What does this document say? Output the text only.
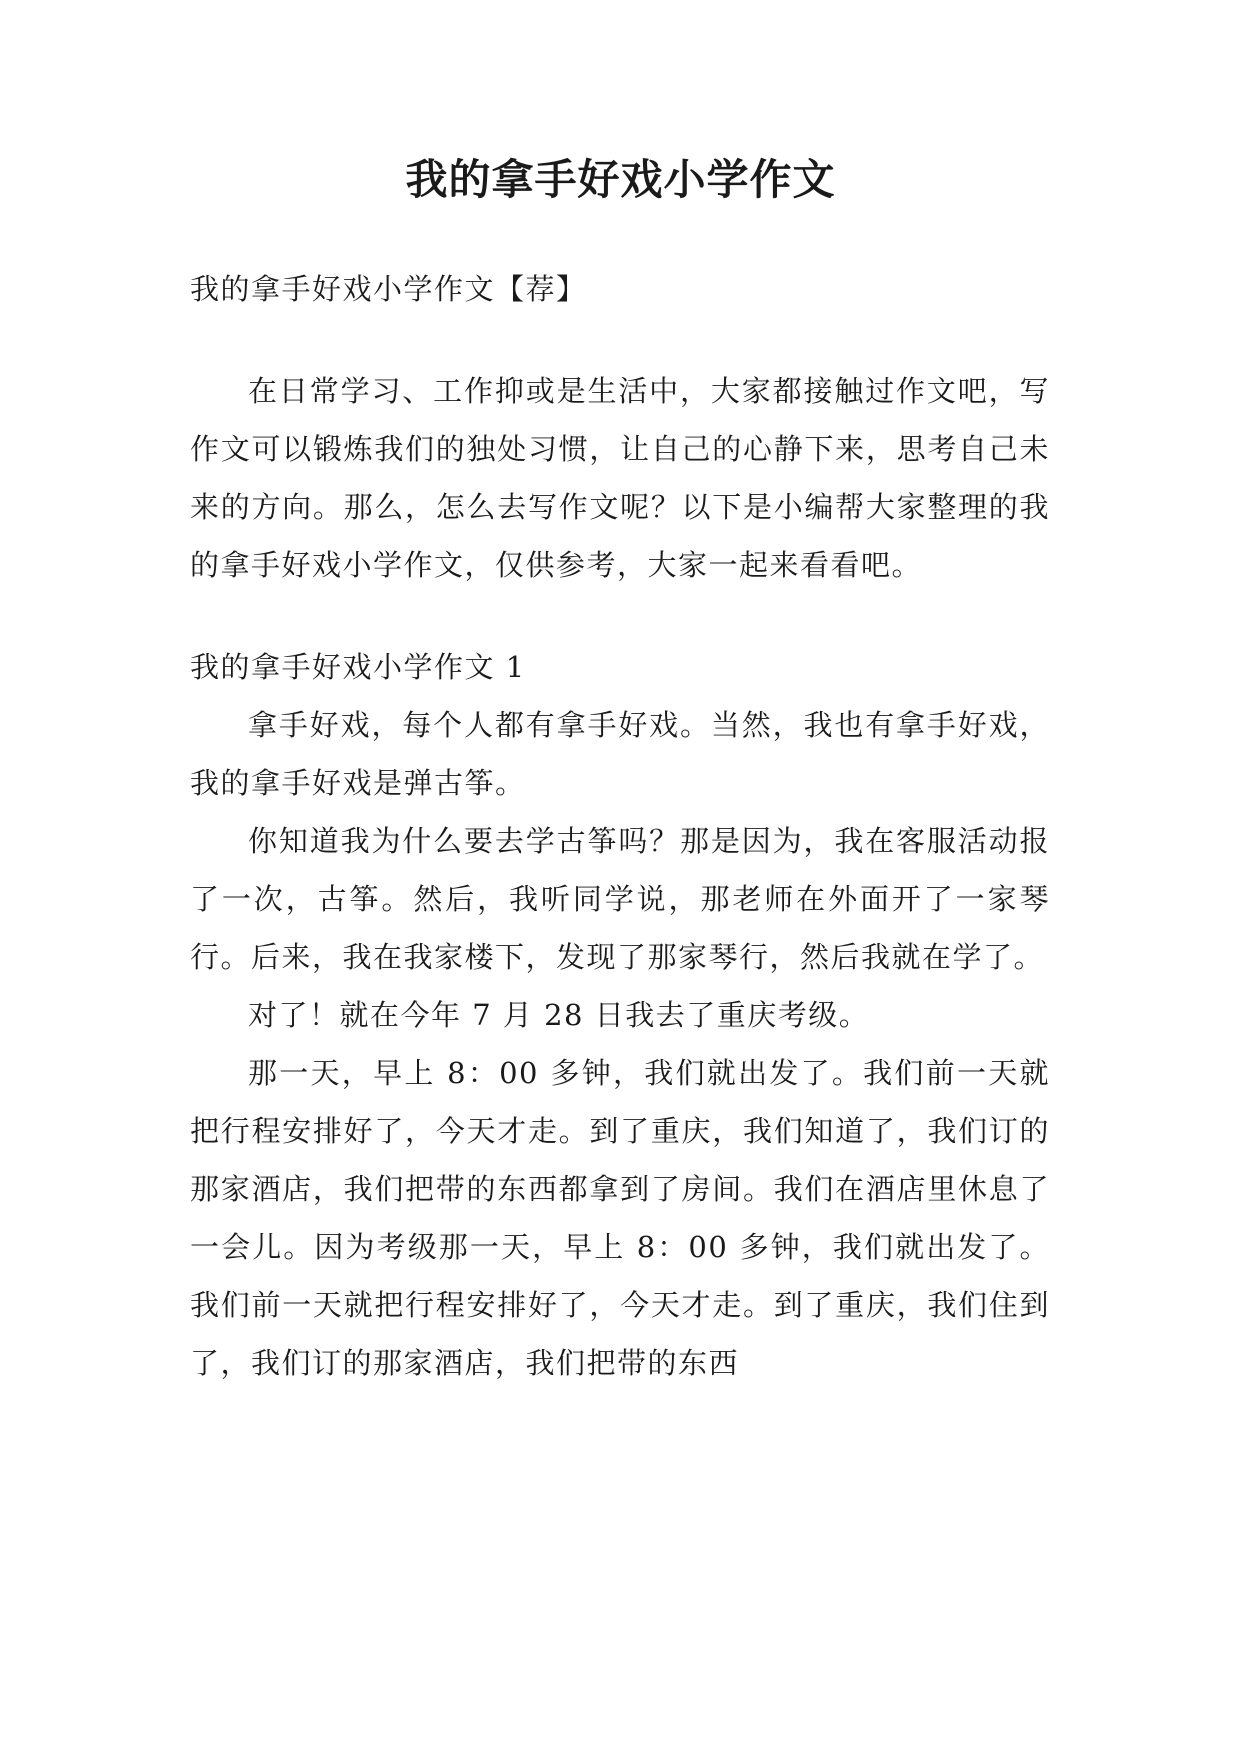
我的拿手好戏小学作文

我的拿手好戏小学作文【荐】

在日常学习、工作抑或是生活中，大家都接触过作文吧，写作文可以锻炼我们的独处习惯，让自己的心静下来，思考自己未来的方向。那么，怎么去写作文呢？以下是小编帮大家整理的我的拿手好戏小学作文，仅供参考，大家一起来看看吧。

我的拿手好戏小学作文 1

拿手好戏，每个人都有拿手好戏。当然，我也有拿手好戏，我的拿手好戏是弹古筝。

你知道我为什么要去学古筝吗？那是因为，我在客服活动报了一次，古筝。然后，我听同学说，那老师在外面开了一家琴行。后来，我在我家楼下，发现了那家琴行，然后我就在学了。

对了！就在今年 7 月 28 日我去了重庆考级。

那一天，早上 8：00 多钟，我们就出发了。我们前一天就把行程安排好了，今天才走。到了重庆，我们知道了，我们订的那家酒店，我们把带的东西都拿到了房间。我们在酒店里休息了一会儿。因为考级那一天，早上 8：00 多钟，我们就出发了。我们前一天就把行程安排好了，今天才走。到了重庆，我们住到了，我们订的那家酒店，我们把带的东西
